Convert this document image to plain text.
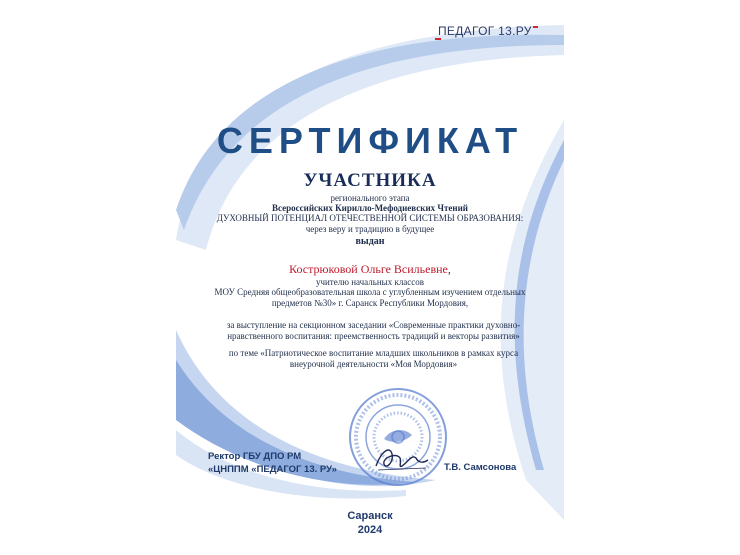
ПЕДАГОГ 13.РУ
СЕРТИФИКАТ
УЧАСТНИКА
регионального этапа
Всероссийских Кирилло-Мефодиевских Чтений
ДУХОВНЫЙ ПОТЕНЦИАЛ ОТЕЧЕСТВЕННОЙ СИСТЕМЫ ОБРАЗОВАНИЯ:
через веру и традицию в будущее
выдан
Кострюковой Ольге Всильевне,
учителю начальных классов
МОУ Средняя общеобразовательная школа с углубленным изучением отдельных
предметов №30» г. Саранск Республики Мордовия,
за выступление на секционном заседании «Современные практики духовно-
нравственного воспитания: преемственность традиций и векторы развития»
по теме «Патриотическое воспитание младших школьников в рамках курса
внеурочной деятельности «Моя Мордовия»
Ректор ГБУ ДПО РМ
«ЦНППМ «ПЕДАГОГ 13. РУ»	Т.В. Самсонова
Саранск
2024
